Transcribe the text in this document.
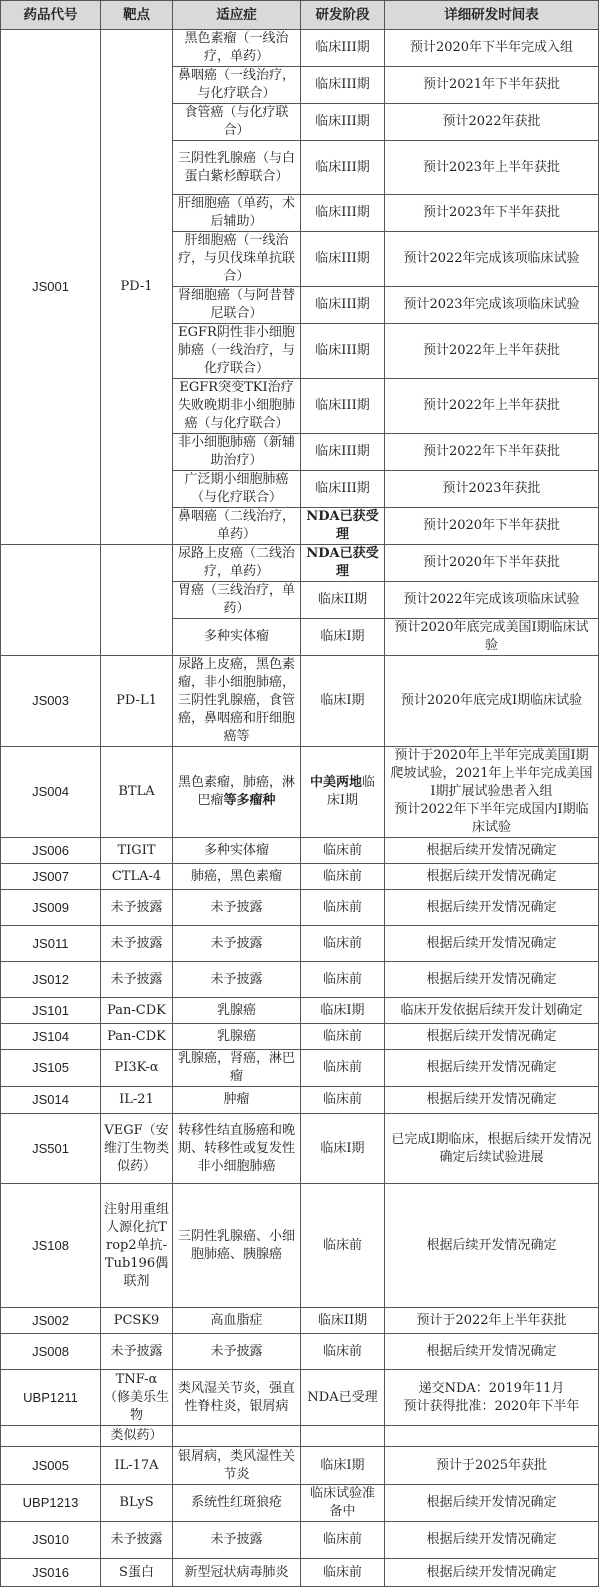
药品代号	靶点	适应症	研发阶段	详细研发时间表
JS001	PD-1	黑色素瘤（一线治疗，单药）	临床III期	预计2020年下半年完成入组
		鼻咽癌（一线治疗，与化疗联合）	临床III期	预计2021年下半年获批
		食管癌（与化疗联合）	临床III期	预计2022年获批
		三阴性乳腺癌（与白蛋白紫杉醇联合）	临床III期	预计2023年上半年获批
		肝细胞癌（单药，术后辅助）	临床III期	预计2023年下半年获批
		肝细胞癌（一线治疗，与贝伐珠单抗联合）	临床III期	预计2022年完成该项临床试验
		肾细胞癌（与阿昔替尼联合）	临床III期	预计2023年完成该项临床试验
		EGFR阴性非小细胞肺癌（一线治疗，与化疗联合）	临床III期	预计2022年上半年获批
		EGFR突变TKI治疗失败晚期非小细胞肺癌（与化疗联合）	临床III期	预计2022年上半年获批
		非小细胞肺癌（新辅助治疗）	临床III期	预计2022年下半年获批
		广泛期小细胞肺癌（与化疗联合）	临床III期	预计2023年获批
		鼻咽癌（二线治疗，单药）	NDA已获受理	预计2020年下半年获批
		尿路上皮癌（二线治疗，单药）	NDA已获受理	预计2020年下半年获批
		胃癌（三线治疗，单药）	临床II期	预计2022年完成该项临床试验
		多种实体瘤	临床I期	预计2020年底完成美国I期临床试验
JS003	PD-L1	尿路上皮癌，黑色素瘤，非小细胞肺癌，三阴性乳腺癌，食管癌，鼻咽癌和肝细胞癌等	临床I期	预计2020年底完成I期临床试验
JS004	BTLA	黑色素瘤，肺癌，淋巴瘤等多瘤种	中美两地临床I期	预计于2020年上半年完成美国I期爬坡试验，2021年上半年完成美国I期扩展试验患者入组
预计2022年下半年完成国内I期临床试验

JS006	TIGIT	多种实体瘤	临床前	根据后续开发情况确定
JS007	CTLA-4	肺癌，黑色素瘤	临床前	根据后续开发情况确定
JS009	未予披露	未予披露	临床前	根据后续开发情况确定
JS011	未予披露	未予披露	临床前	根据后续开发情况确定
JS012	未予披露	未予披露	临床前	根据后续开发情况确定
JS101	Pan-CDK	乳腺癌	临床I期	临床开发依据后续开发计划确定
JS104	Pan-CDK	乳腺癌	临床前	根据后续开发情况确定
JS105	PI3K-α	乳腺癌，肾癌，淋巴瘤	临床前	根据后续开发情况确定
JS014	IL-21	肿瘤	临床前	根据后续开发情况确定
JS501	VEGF（安维汀生物类似药）	转移性结直肠癌和晚期、转移性或复发性非小细胞肺癌	临床I期	已完成I期临床，根据后续开发情况确定后续试验进展
JS108	注射用重组人源化抗Trop2单抗-Tub196偶联剂	三阴性乳腺癌、小细胞肺癌、胰腺癌	临床前	根据后续开发情况确定
JS002	PCSK9	高血脂症	临床II期	预计于2022年上半年获批
JS008	未予披露	未予披露	临床前	根据后续开发情况确定
UBP1211	TNF-α（修美乐生物	类风湿关节炎，强直性脊柱炎，银屑病	NDA已受理	递交NDA：2019年11月
预计获得批准：2020年下半年

	类似药）			
JS005	IL-17A	银屑病，类风湿性关节炎	临床I期	预计于2025年获批
UBP1213	BLyS	系统性红斑狼疮	临床试验准备中	根据后续开发情况确定
JS010	未予披露	未予披露	临床前	根据后续开发情况确定
JS016	S蛋白	新型冠状病毒肺炎	临床前	根据后续开发情况确定
